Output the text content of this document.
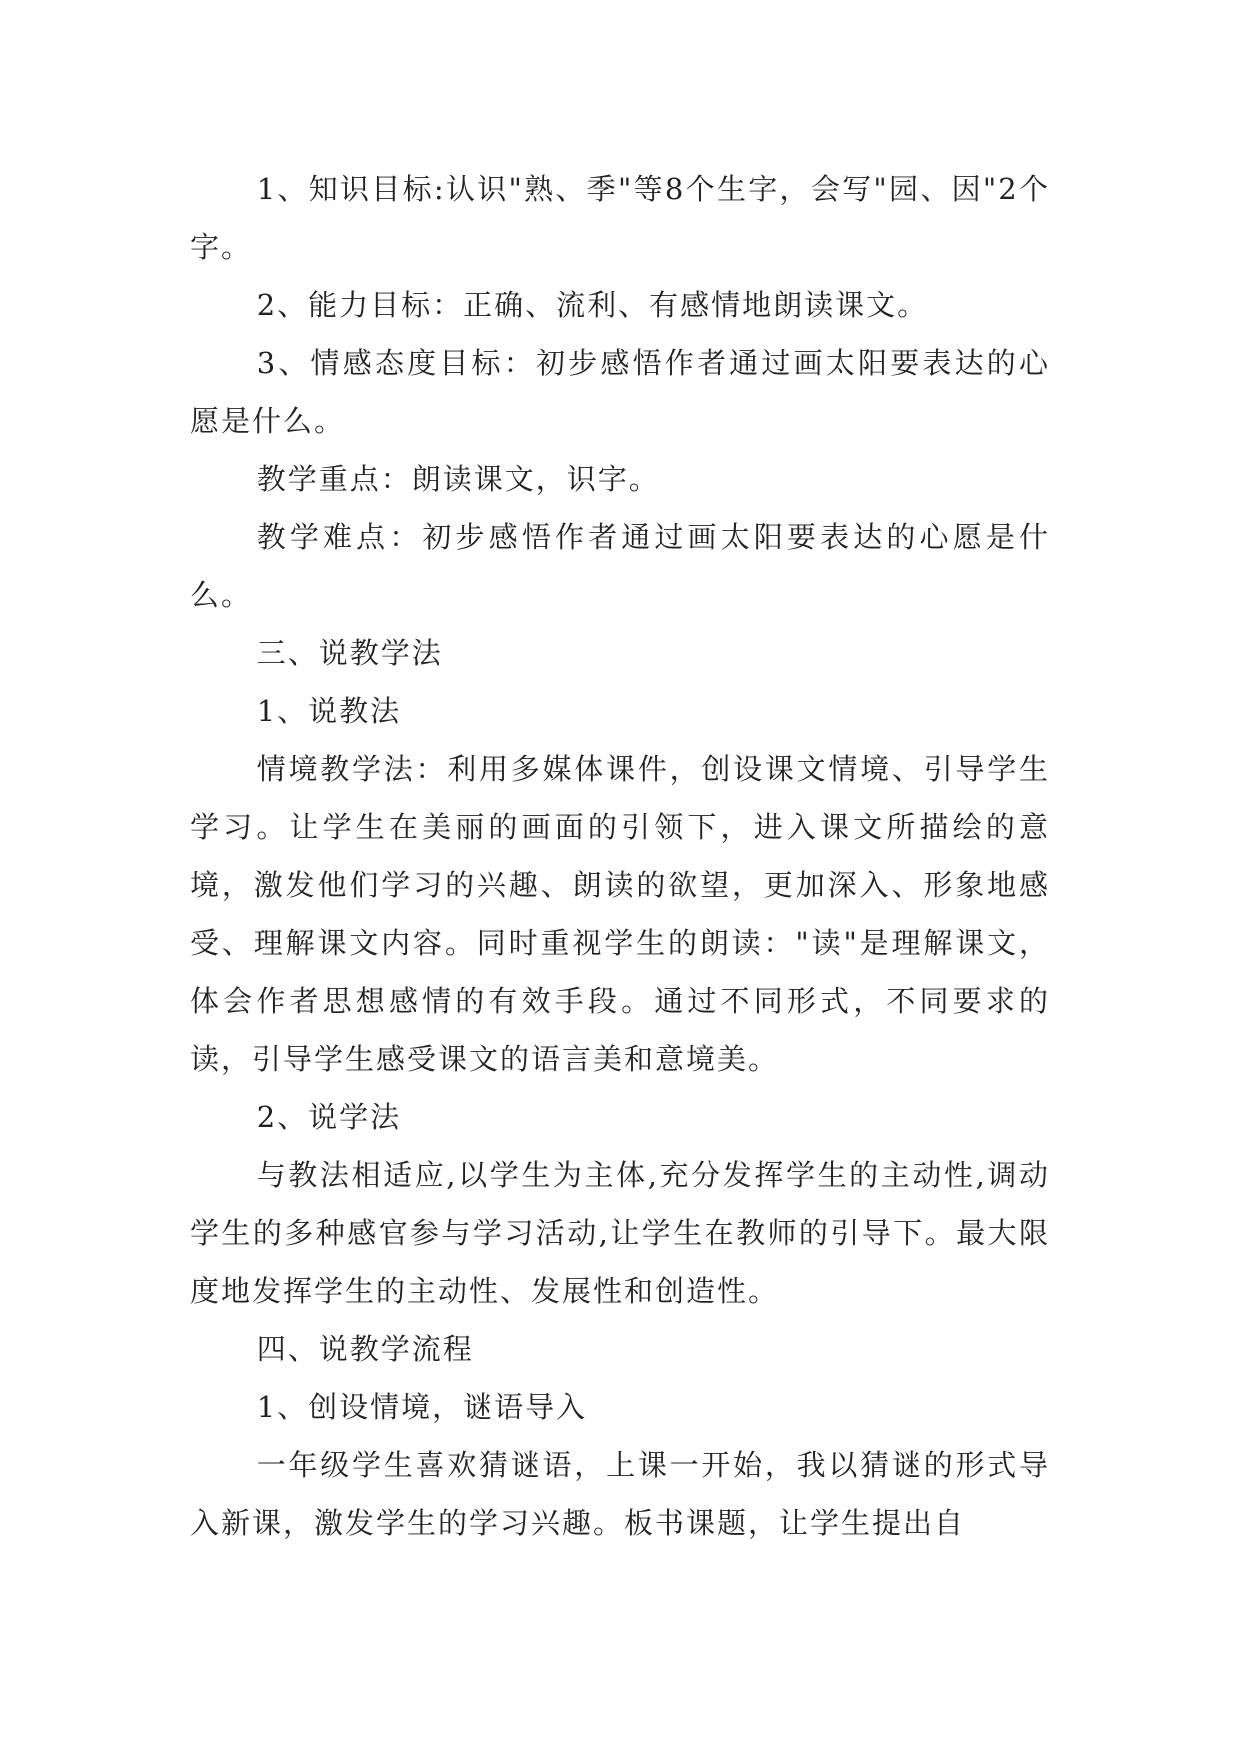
1、知识目标:认识"熟、季"等8个生字，会写"园、因"2个字。

2、能力目标：正确、流利、有感情地朗读课文。

3、情感态度目标：初步感悟作者通过画太阳要表达的心愿是什么。

教学重点：朗读课文，识字。

教学难点：初步感悟作者通过画太阳要表达的心愿是什么。

三、说教学法

1、说教法

情境教学法：利用多媒体课件，创设课文情境、引导学生学习。让学生在美丽的画面的引领下，进入课文所描绘的意境，激发他们学习的兴趣、朗读的欲望，更加深入、形象地感受、理解课文内容。同时重视学生的朗读："读"是理解课文，体会作者思想感情的有效手段。通过不同形式，不同要求的读，引导学生感受课文的语言美和意境美。

2、说学法

与教法相适应,以学生为主体,充分发挥学生的主动性,调动学生的多种感官参与学习活动,让学生在教师的引导下。最大限度地发挥学生的主动性、发展性和创造性。

四、说教学流程

1、创设情境，谜语导入

一年级学生喜欢猜谜语，上课一开始，我以猜谜的形式导入新课，激发学生的学习兴趣。板书课题，让学生提出自
